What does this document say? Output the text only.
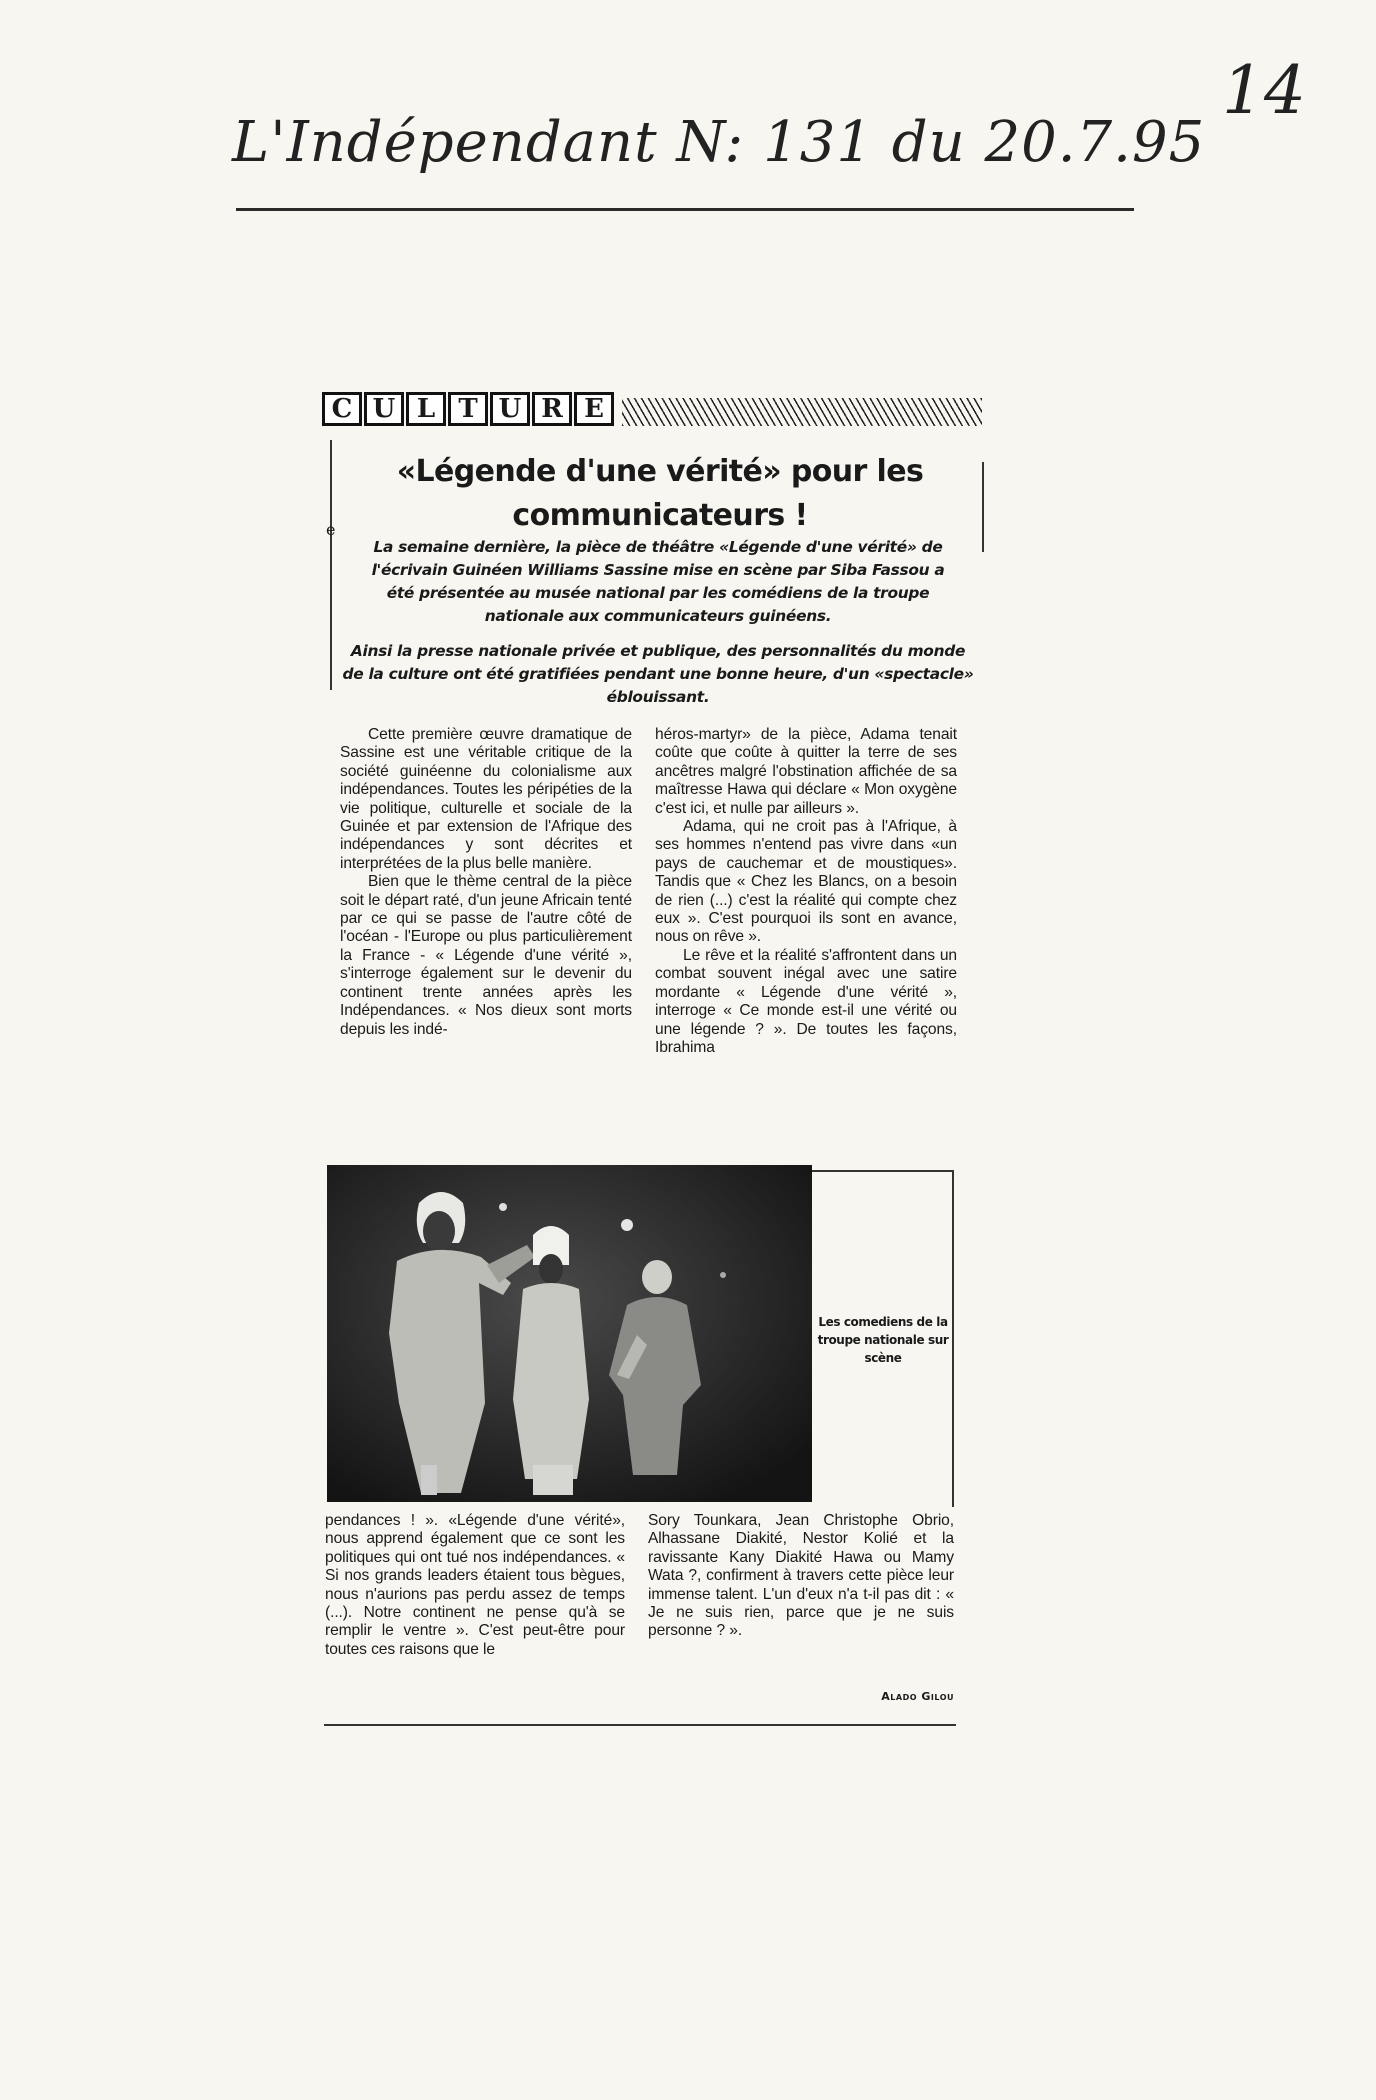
L'Indépendant N: 131 du 20.7.95
14
C U L T U R E
e
«Légende d'une vérité» pour les
communicateurs !

La semaine dernière, la pièce de théâtre «Légende d'une vérité» de l'écrivain Guinéen Williams Sassine mise en scène par Siba Fassou a été présentée au musée national par les comédiens de la troupe nationale aux communicateurs guinéens.

Ainsi la presse nationale privée et publique, des personnalités du monde de la culture ont été gratifiées pendant une bonne heure, d'un «spectacle» éblouissant.

Cette première œuvre dramatique de Sassine est une véritable critique de la société guinéenne du colonialisme aux indépendances. Toutes les péripéties de la vie politique, culturelle et sociale de la Guinée et par extension de l'Afrique des indépendances y sont décrites et interprétées de la plus belle manière.

Bien que le thème central de la pièce soit le départ raté, d'un jeune Africain tenté par ce qui se passe de l'autre côté de l'océan - l'Europe ou plus particulièrement la France - « Légende d'une vérité », s'interroge également sur le devenir du continent trente années après les Indépendances. « Nos dieux sont morts depuis les indé-

héros-martyr» de la pièce, Adama tenait coûte que coûte à quitter la terre de ses ancêtres malgré l'obstination affichée de sa maîtresse Hawa qui déclare « Mon oxygène c'est ici, et nulle par ailleurs ».

Adama, qui ne croit pas à l'Afrique, à ses hommes n'entend pas vivre dans «un pays de cauchemar et de moustiques». Tandis que « Chez les Blancs, on a besoin de rien (...) c'est la réalité qui compte chez eux ». C'est pourquoi ils sont en avance, nous on rêve ».

Le rêve et la réalité s'affrontent dans un combat souvent inégal avec une satire mordante « Légende d'une vérité », interroge « Ce monde est-il une vérité ou une légende ? ». De toutes les façons, Ibrahima

Les comediens de la troupe nationale sur scène

pendances ! ». «Légende d'une vérité», nous apprend également que ce sont les politiques qui ont tué nos indépendances. « Si nos grands leaders étaient tous bègues, nous n'aurions pas perdu assez de temps (...). Notre continent ne pense qu'à se remplir le ventre ». C'est peut-être pour toutes ces raisons que le

Sory Tounkara, Jean Christophe Obrio, Alhassane Diakité, Nestor Kolié et la ravissante Kany Diakité Hawa ou Mamy Wata ?, confirment à travers cette pièce leur immense talent. L'un d'eux n'a t-il pas dit : « Je ne suis rien, parce que je ne suis personne ? ».

Alado Gilou
